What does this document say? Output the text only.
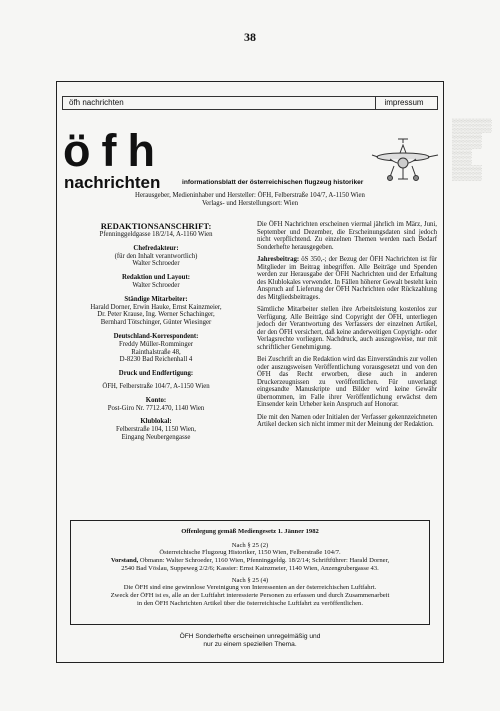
38
▒▒▒▒
▒▒▒
▒▒
▒▒▒
öfh nachrichten	impressum
öfh
nachrichten	informationsblatt der österreichischen flugzeug historiker
Herausgeber, Medieninhaber und Hersteller: ÖFH, Felberstraße 104/7, A-1150 Wien
Verlags- und Herstellungsort: Wien
REDAKTIONSANSCHRIFT:
Pfenninggeldgasse 18/2/14, A-1160 Wien
Chefredakteur:
(für den Inhalt verantwortlich)
Walter Schroeder
Redaktion und Layout:
Walter Schroeder
Ständige Mitarbeiter:
Harald Dorner, Erwin Hauke, Ernst Kainzmeier,
Dr. Peter Krause, Ing. Werner Schachinger,
Bernhard Tötschinger, Günter Wiesinger
Deutschland-Korrespondent:
Freddy Müller-Romminger
Rainthalstraße 48,
D-8230 Bad Reichenhall 4
Druck und Endfertigung:
ÖFH, Felberstraße 104/7, A-1150 Wien
Konto:
Post-Giro Nr. 7712.470, 1140 Wien
Klublokal:
Felberstraße 104, 1150 Wien,
Eingang Neubergengasse

Die ÖFH Nachrichten erscheinen viermal jährlich im März, Juni, September und Dezember, die Erscheinungsdaten sind jedoch nicht verpflichtend. Zu einzelnen Themen werden nach Bedarf Sonderhefte herausgegeben.

Jahresbeitrag: öS 350,-; der Bezug der ÖFH Nachrichten ist für Mitglieder im Beitrag inbegriffen. Alle Beiträge und Spenden werden zur Herausgabe der ÖFH Nachrichten und der Erhaltung des Klublokales verwendet. In Fällen höherer Gewalt besteht kein Anspruch auf Lieferung der ÖFH Nachrichten oder Rückzahlung des Mitgliedsbeitrages.

Sämtliche Mitarbeiter stellen ihre Arbeitsleistung kostenlos zur Verfügung. Alle Beiträge sind Copyright der ÖFH, unterliegen jedoch der Verantwortung des Verfassers der einzelnen Artikel, der den ÖFH versichert, daß keine anderweitigen Copyright- oder Verlagsrechte vorliegen. Nachdruck, auch auszugsweise, nur mit schriftlicher Genehmigung.

Bei Zuschrift an die Redaktion wird das Einverständnis zur vollen oder auszugsweisen Veröffentlichung vorausgesetzt und von den ÖFH das Recht erworben, diese auch in anderen Druckerzeugnissen zu veröffentlichen. Für unverlangt eingesandte Manuskripte und Bilder wird keine Gewähr übernommen, im Falle ihrer Veröffentlichung erwächst dem Einsender kein Urheber kein Anspruch auf Honorar.

Die mit den Namen oder Initialen der Verfasser gekennzeichneten Artikel decken sich nicht immer mit der Meinung der Redaktion.

Offenlegung gemäß Mediengesetz 1. Jänner 1982
Nach § 25 (2)
Österreichische Flugzeug Historiker, 1150 Wien, Felberstraße 104/7.
Vorstand, Obmann: Walter Schroeder, 1160 Wien, Pfenninggeldg. 18/2/14; Schriftführer: Harald Dorner,
2540 Bad Vöslau, Suppeweg 2/2/6; Kassier: Ernst Kainzmeier, 1140 Wien, Anzengrubergasse 43.
Nach § 25 (4)
Die ÖFH sind eine gewinnlose Vereinigung von Interessenten an der österreichischen Luftfahrt.
Zweck der ÖFH ist es, alle an der Luftfahrt interessierte Personen zu erfassen und durch Zusammenarbeit
in den ÖFH Nachrichten Artikel über die österreichische Luftfahrt zu veröffentlichen.
ÖFH Sonderhefte erscheinen unregelmäßig und
nur zu einem speziellen Thema.
